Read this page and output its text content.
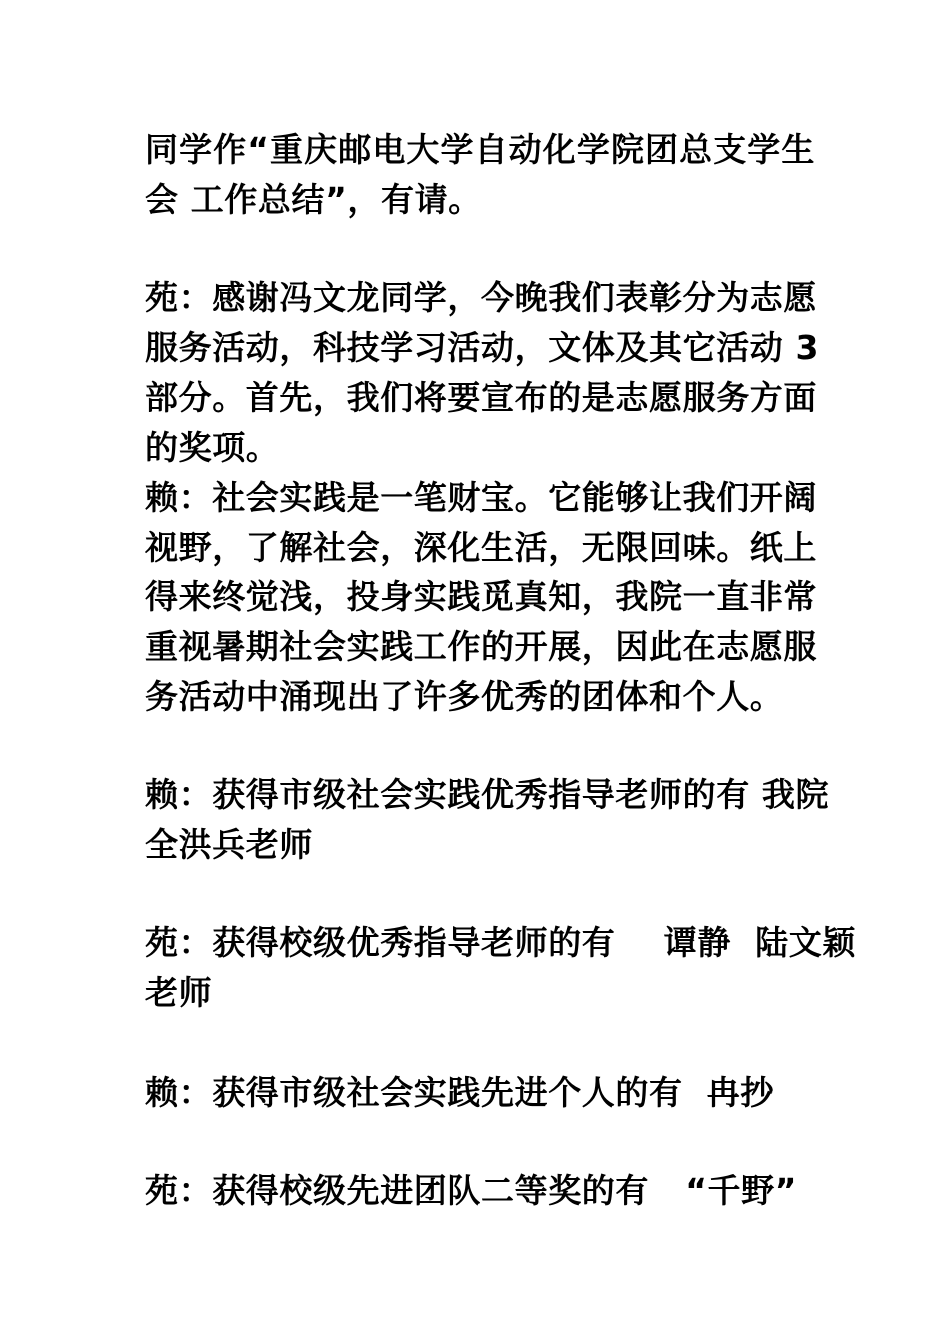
同学作“重庆邮电大学自动化学院团总支学生
会 工作总结”，有请。
苑：感谢冯文龙同学，今晚我们表彰分为志愿
服务活动，科技学习活动，文体及其它活动 3
部分。首先，我们将要宣布的是志愿服务方面
的奖项。
赖：社会实践是一笔财宝。它能够让我们开阔
视野，了解社会，深化生活，无限回味。纸上
得来终觉浅，投身实践觅真知，我院一直非常
重视暑期社会实践工作的开展，因此在志愿服
务活动中涌现出了许多优秀的团体和个人。
赖：获得市级社会实践优秀指导老师的有 我院
全洪兵老师
苑：获得校级优秀指导老师的有    谭静  陆文颖
老师
赖：获得市级社会实践先进个人的有  冉抄
苑：获得校级先进团队二等奖的有   “千野”
